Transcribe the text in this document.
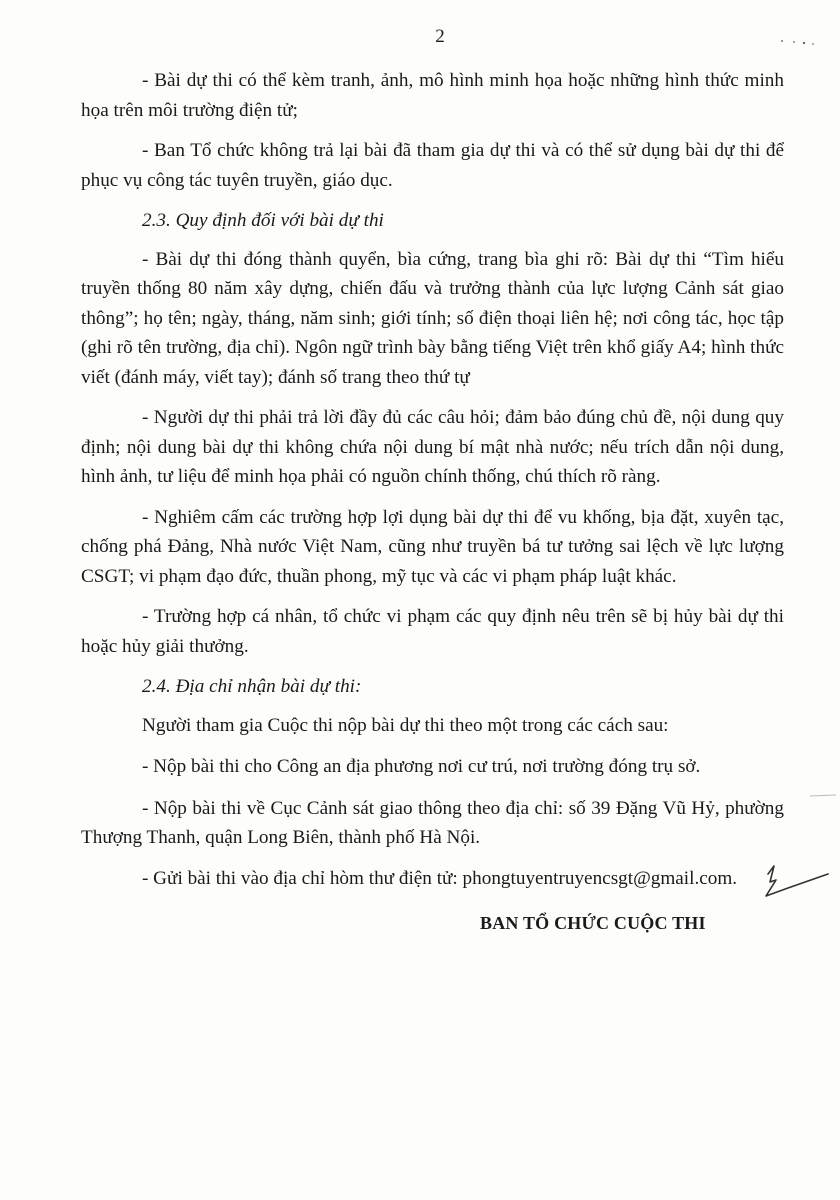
2

- Bài dự thi có thể kèm tranh, ảnh, mô hình minh họa hoặc những hình thức minh họa trên môi trường điện tử;

- Ban Tổ chức không trả lại bài đã tham gia dự thi và có thể sử dụng bài dự thi để phục vụ công tác tuyên truyền, giáo dục.

2.3. Quy định đối với bài dự thi

- Bài dự thi đóng thành quyển, bìa cứng, trang bìa ghi rõ: Bài dự thi “Tìm hiểu truyền thống 80 năm xây dựng, chiến đấu và trưởng thành của lực lượng Cảnh sát giao thông”; họ tên; ngày, tháng, năm sinh; giới tính; số điện thoại liên hệ; nơi công tác, học tập (ghi rõ tên trường, địa chỉ). Ngôn ngữ trình bày bằng tiếng Việt trên khổ giấy A4; hình thức viết (đánh máy, viết tay); đánh số trang theo thứ tự

- Người dự thi phải trả lời đầy đủ các câu hỏi; đảm bảo đúng chủ đề, nội dung quy định; nội dung bài dự thi không chứa nội dung bí mật nhà nước; nếu trích dẫn nội dung, hình ảnh, tư liệu để minh họa phải có nguồn chính thống, chú thích rõ ràng.

- Nghiêm cấm các trường hợp lợi dụng bài dự thi để vu khống, bịa đặt, xuyên tạc, chống phá Đảng, Nhà nước Việt Nam, cũng như truyền bá tư tưởng sai lệch về lực lượng CSGT; vi phạm đạo đức, thuần phong, mỹ tục và các vi phạm pháp luật khác.

- Trường hợp cá nhân, tổ chức vi phạm các quy định nêu trên sẽ bị hủy bài dự thi hoặc hủy giải thưởng.

2.4. Địa chỉ nhận bài dự thi:

Người tham gia Cuộc thi nộp bài dự thi theo một trong các cách sau:

- Nộp bài thi cho Công an địa phương nơi cư trú, nơi trường đóng trụ sở.

- Nộp bài thi về Cục Cảnh sát giao thông theo địa chỉ: số 39 Đặng Vũ Hỷ, phường Thượng Thanh, quận Long Biên, thành phố Hà Nội.

- Gửi bài thi vào địa chỉ hòm thư điện tử: phongtuyentruyencsgt@gmail.com.

BAN TỔ CHỨC CUỘC THI
